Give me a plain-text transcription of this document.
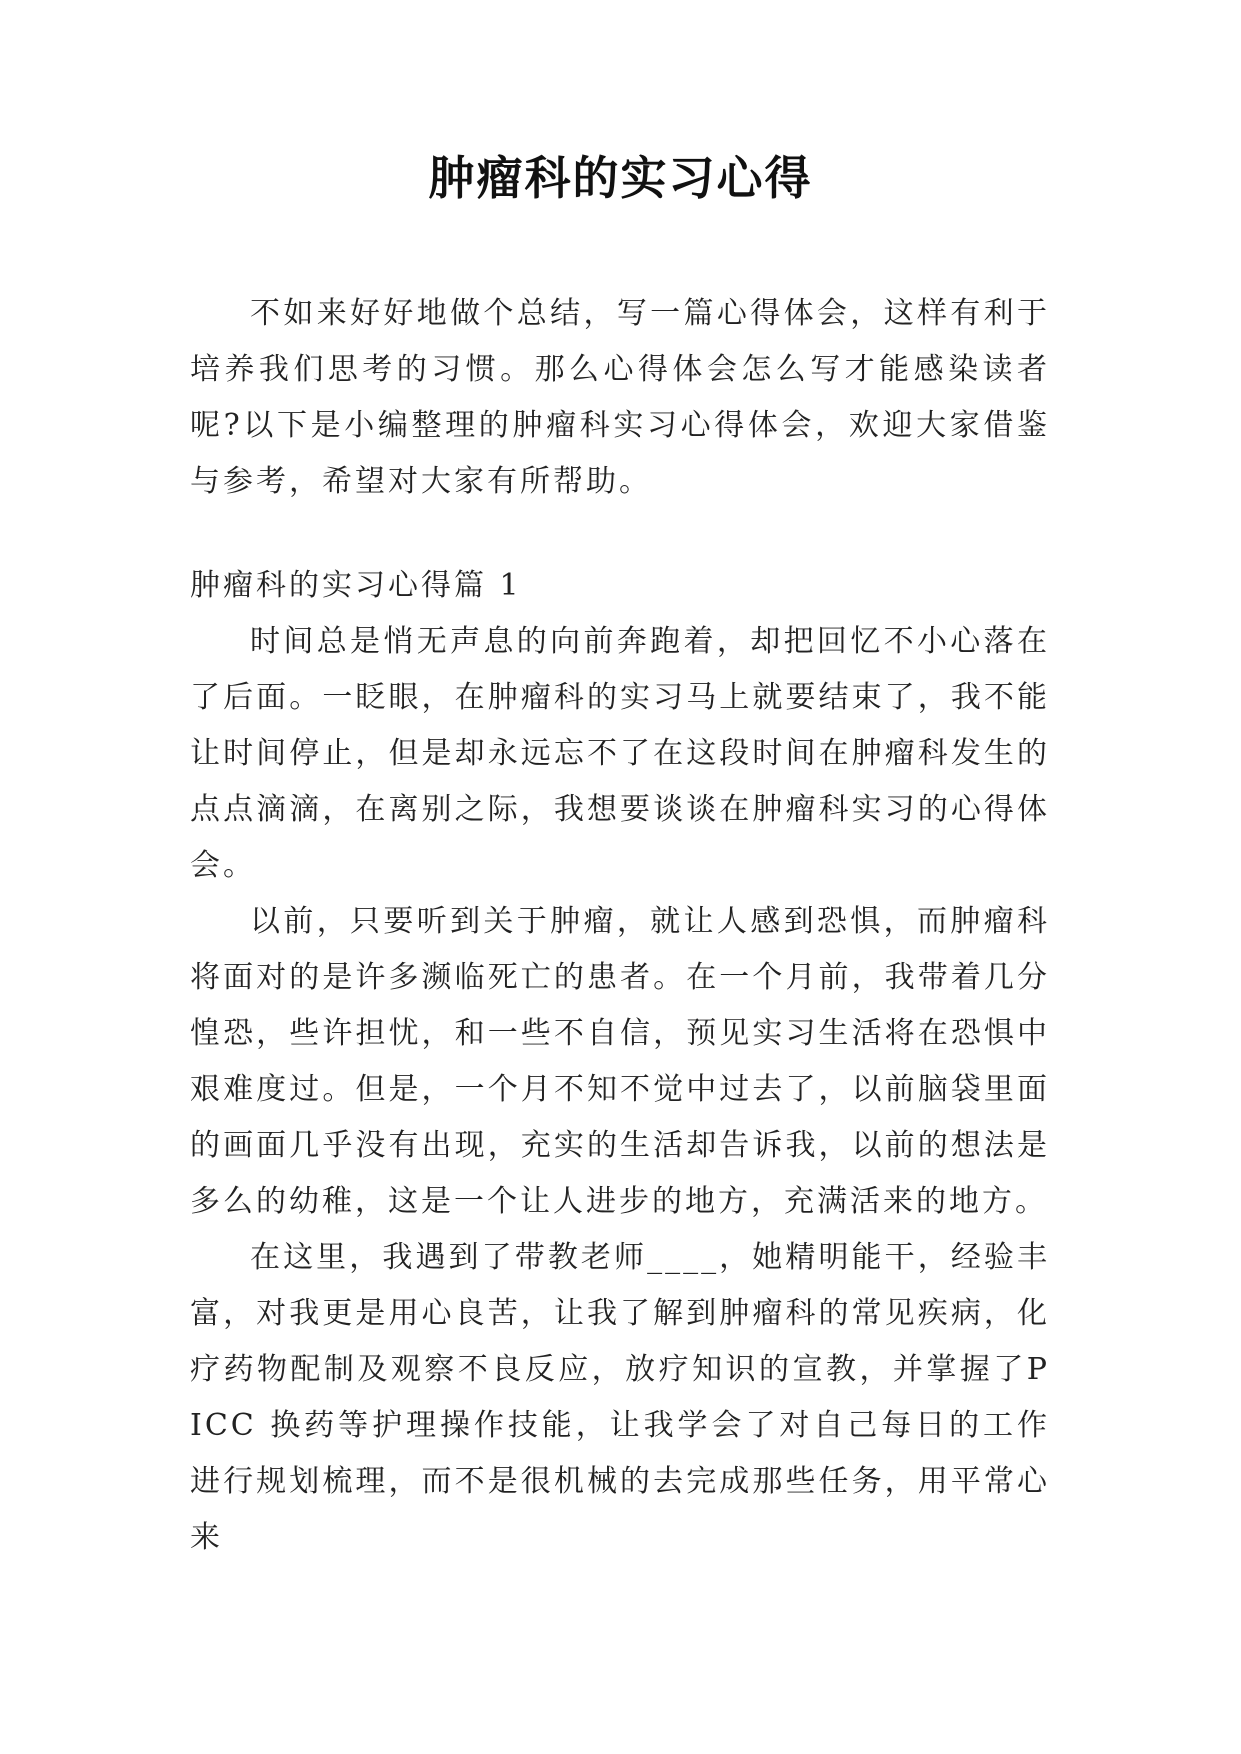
肿瘤科的实习心得

不如来好好地做个总结，写一篇心得体会，这样有利于培养我们思考的习惯。那么心得体会怎么写才能感染读者呢?以下是小编整理的肿瘤科实习心得体会，欢迎大家借鉴与参考，希望对大家有所帮助。

肿瘤科的实习心得篇 1

时间总是悄无声息的向前奔跑着，却把回忆不小心落在了后面。一眨眼，在肿瘤科的实习马上就要结束了，我不能让时间停止，但是却永远忘不了在这段时间在肿瘤科发生的点点滴滴，在离别之际，我想要谈谈在肿瘤科实习的心得体会。

以前，只要听到关于肿瘤，就让人感到恐惧，而肿瘤科将面对的是许多濒临死亡的患者。在一个月前，我带着几分惶恐，些许担忧，和一些不自信，预见实习生活将在恐惧中艰难度过。但是，一个月不知不觉中过去了，以前脑袋里面的画面几乎没有出现，充实的生活却告诉我，以前的想法是多么的幼稚，这是一个让人进步的地方，充满活来的地方。

在这里，我遇到了带教老师____，她精明能干，经验丰富，对我更是用心良苦，让我了解到肿瘤科的常见疾病，化疗药物配制及观察不良反应，放疗知识的宣教，并掌握了PICC 换药等护理操作技能，让我学会了对自己每日的工作进行规划梳理，而不是很机械的去完成那些任务，用平常心来
